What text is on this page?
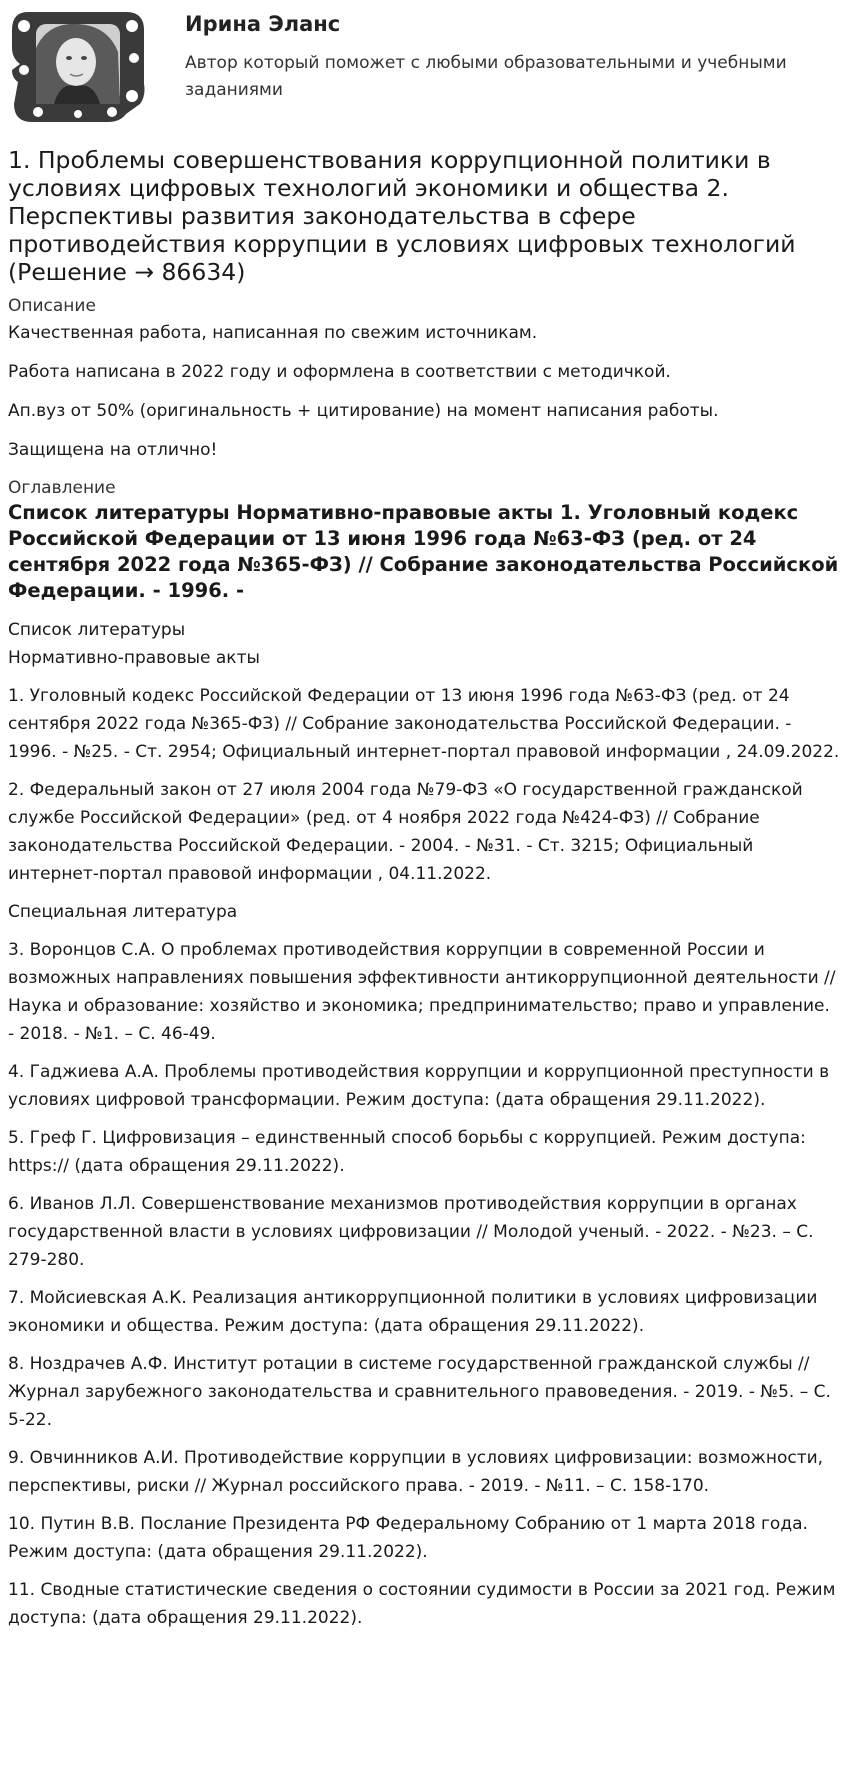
Ирина Эланс
Автор который поможет с любыми образовательными и учебными заданиями
1. Проблемы совершенствования коррупционной политики в условиях цифровых технологий экономики и общества 2. Перспективы развития законодательства в сфере противодействия коррупции в условиях цифровых технологий (Решение → 86634)

Описание

Качественная работа, написанная по свежим источникам.

Работа написана в 2022 году и оформлена в соответствии с методичкой.

Ап.вуз от 50% (оригинальность + цитирование) на момент написания работы.

Защищена на отлично!

Оглавление

Список литературы Нормативно-правовые акты 1. Уголовный кодекс Российской Федерации от 13 июня 1996 года №63-ФЗ (ред. от 24 сентября 2022 года №365-ФЗ) // Собрание законодательства Российской Федерации. - 1996. -

Список литературы

Нормативно-правовые акты

1. Уголовный кодекс Российской Федерации от 13 июня 1996 года №63-ФЗ (ред. от 24 сентября 2022 года №365-ФЗ) // Собрание законодательства Российской Федерации. - 1996. - №25. - Ст. 2954; Официальный интернет-портал правовой информации , 24.09.2022.

2. Федеральный закон от 27 июля 2004 года №79-ФЗ «О государственной гражданской службе Российской Федерации» (ред. от 4 ноября 2022 года №424-ФЗ) // Собрание законодательства Российской Федерации. - 2004. - №31. - Ст. 3215; Официальный интернет-портал правовой информации , 04.11.2022.

Специальная литература

3. Воронцов С.А. О проблемах противодействия коррупции в современной России и возможных направлениях повышения эффективности антикоррупционной деятельности // Наука и образование: хозяйство и экономика; предпринимательство; право и управление. - 2018. - №1. – С. 46-49.

4. Гаджиева А.А. Проблемы противодействия коррупции и коррупционной преступности в условиях цифровой трансформации. Режим доступа: (дата обращения 29.11.2022).

5. Греф Г. Цифровизация – единственный способ борьбы с коррупцией. Режим доступа: https:// (дата обращения 29.11.2022).

6. Иванов Л.Л. Совершенствование механизмов противодействия коррупции в органах государственной власти в условиях цифровизации // Молодой ученый. - 2022. - №23. – С. 279-280.

7. Мойсиевская А.К. Реализация антикоррупционной политики в условиях цифровизации экономики и общества. Режим доступа: (дата обращения 29.11.2022).

8. Ноздрачев А.Ф. Институт ротации в системе государственной гражданской службы // Журнал зарубежного законодательства и сравнительного правоведения. - 2019. - №5. – С. 5-22.

9. Овчинников А.И. Противодействие коррупции в условиях цифровизации: возможности, перспективы, риски // Журнал российского права. - 2019. - №11. – С. 158-170.

10. Путин В.В. Послание Президента РФ Федеральному Собранию от 1 марта 2018 года. Режим доступа: (дата обращения 29.11.2022).

11. Сводные статистические сведения о состоянии судимости в России за 2021 год. Режим доступа: (дата обращения 29.11.2022).
